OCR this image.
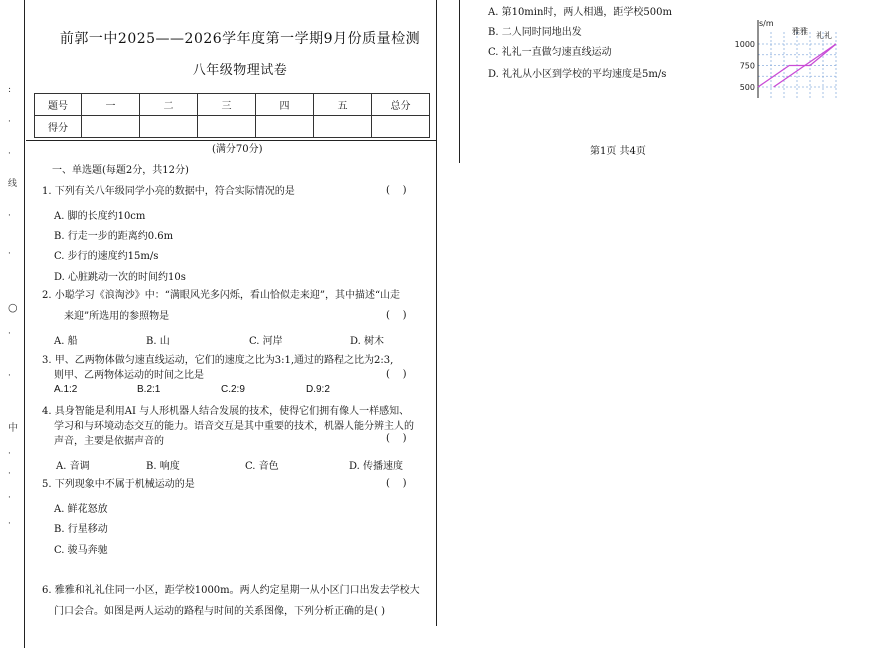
:
·
·
线
·
·
○
·
·
中
·
·
·
·
前郭一中2025——2026学年度第一学期9月份质量检测
八年级物理试卷
题号	一	二	三	四	五	总分
得分						
(满分70分)
一、单选题(每题2分，共12分)
1. 下列有关八年级同学小亮的数据中，符合实际情况的是	(    )
A. 脚的长度约10cm
B. 行走一步的距离约0.6m
C. 步行的速度约15m/s
D. 心脏跳动一次的时间约10s
2. 小聪学习《浪淘沙》中：“满眼风光多闪烁，看山恰似走来迎”，其中描述“山走
来迎”所选用的参照物是	(    )
A. 船	B. 山	C. 河岸	D. 树木
3. 甲、乙两物体做匀速直线运动，它们的速度之比为3:1,通过的路程之比为2:3,
则甲、乙两物体运动的时间之比是	(    )
A.1:2	B.2:1	C.2:9	D.9:2
4. 具身智能是利用AI 与人形机器人结合发展的技术，使得它们拥有像人一样感知、
学习和与环境动态交互的能力。语音交互是其中重要的技术，机器人能分辨主人的
声音，主要是依据声音的	(    )
A. 音调	B. 响度	C. 音色	D. 传播速度
5. 下列现象中不属于机械运动的是	(    )
A. 鲜花怒放
B. 行星移动
C. 骏马奔驰
6. 雅雅和礼礼住同一小区，距学校1000m。两人约定星期一从小区门口出发去学校大
门口会合。如图是两人运动的路程与时间的关系图像，下列分析正确的是( )
A. 第10min时，两人相遇，距学校500m
B. 二人同时同地出发
C. 礼礼一直做匀速直线运动
D. 礼礼从小区到学校的平均速度是5m/s
s/m
1000
750
500
雅雅 礼礼
第1页 共4页
